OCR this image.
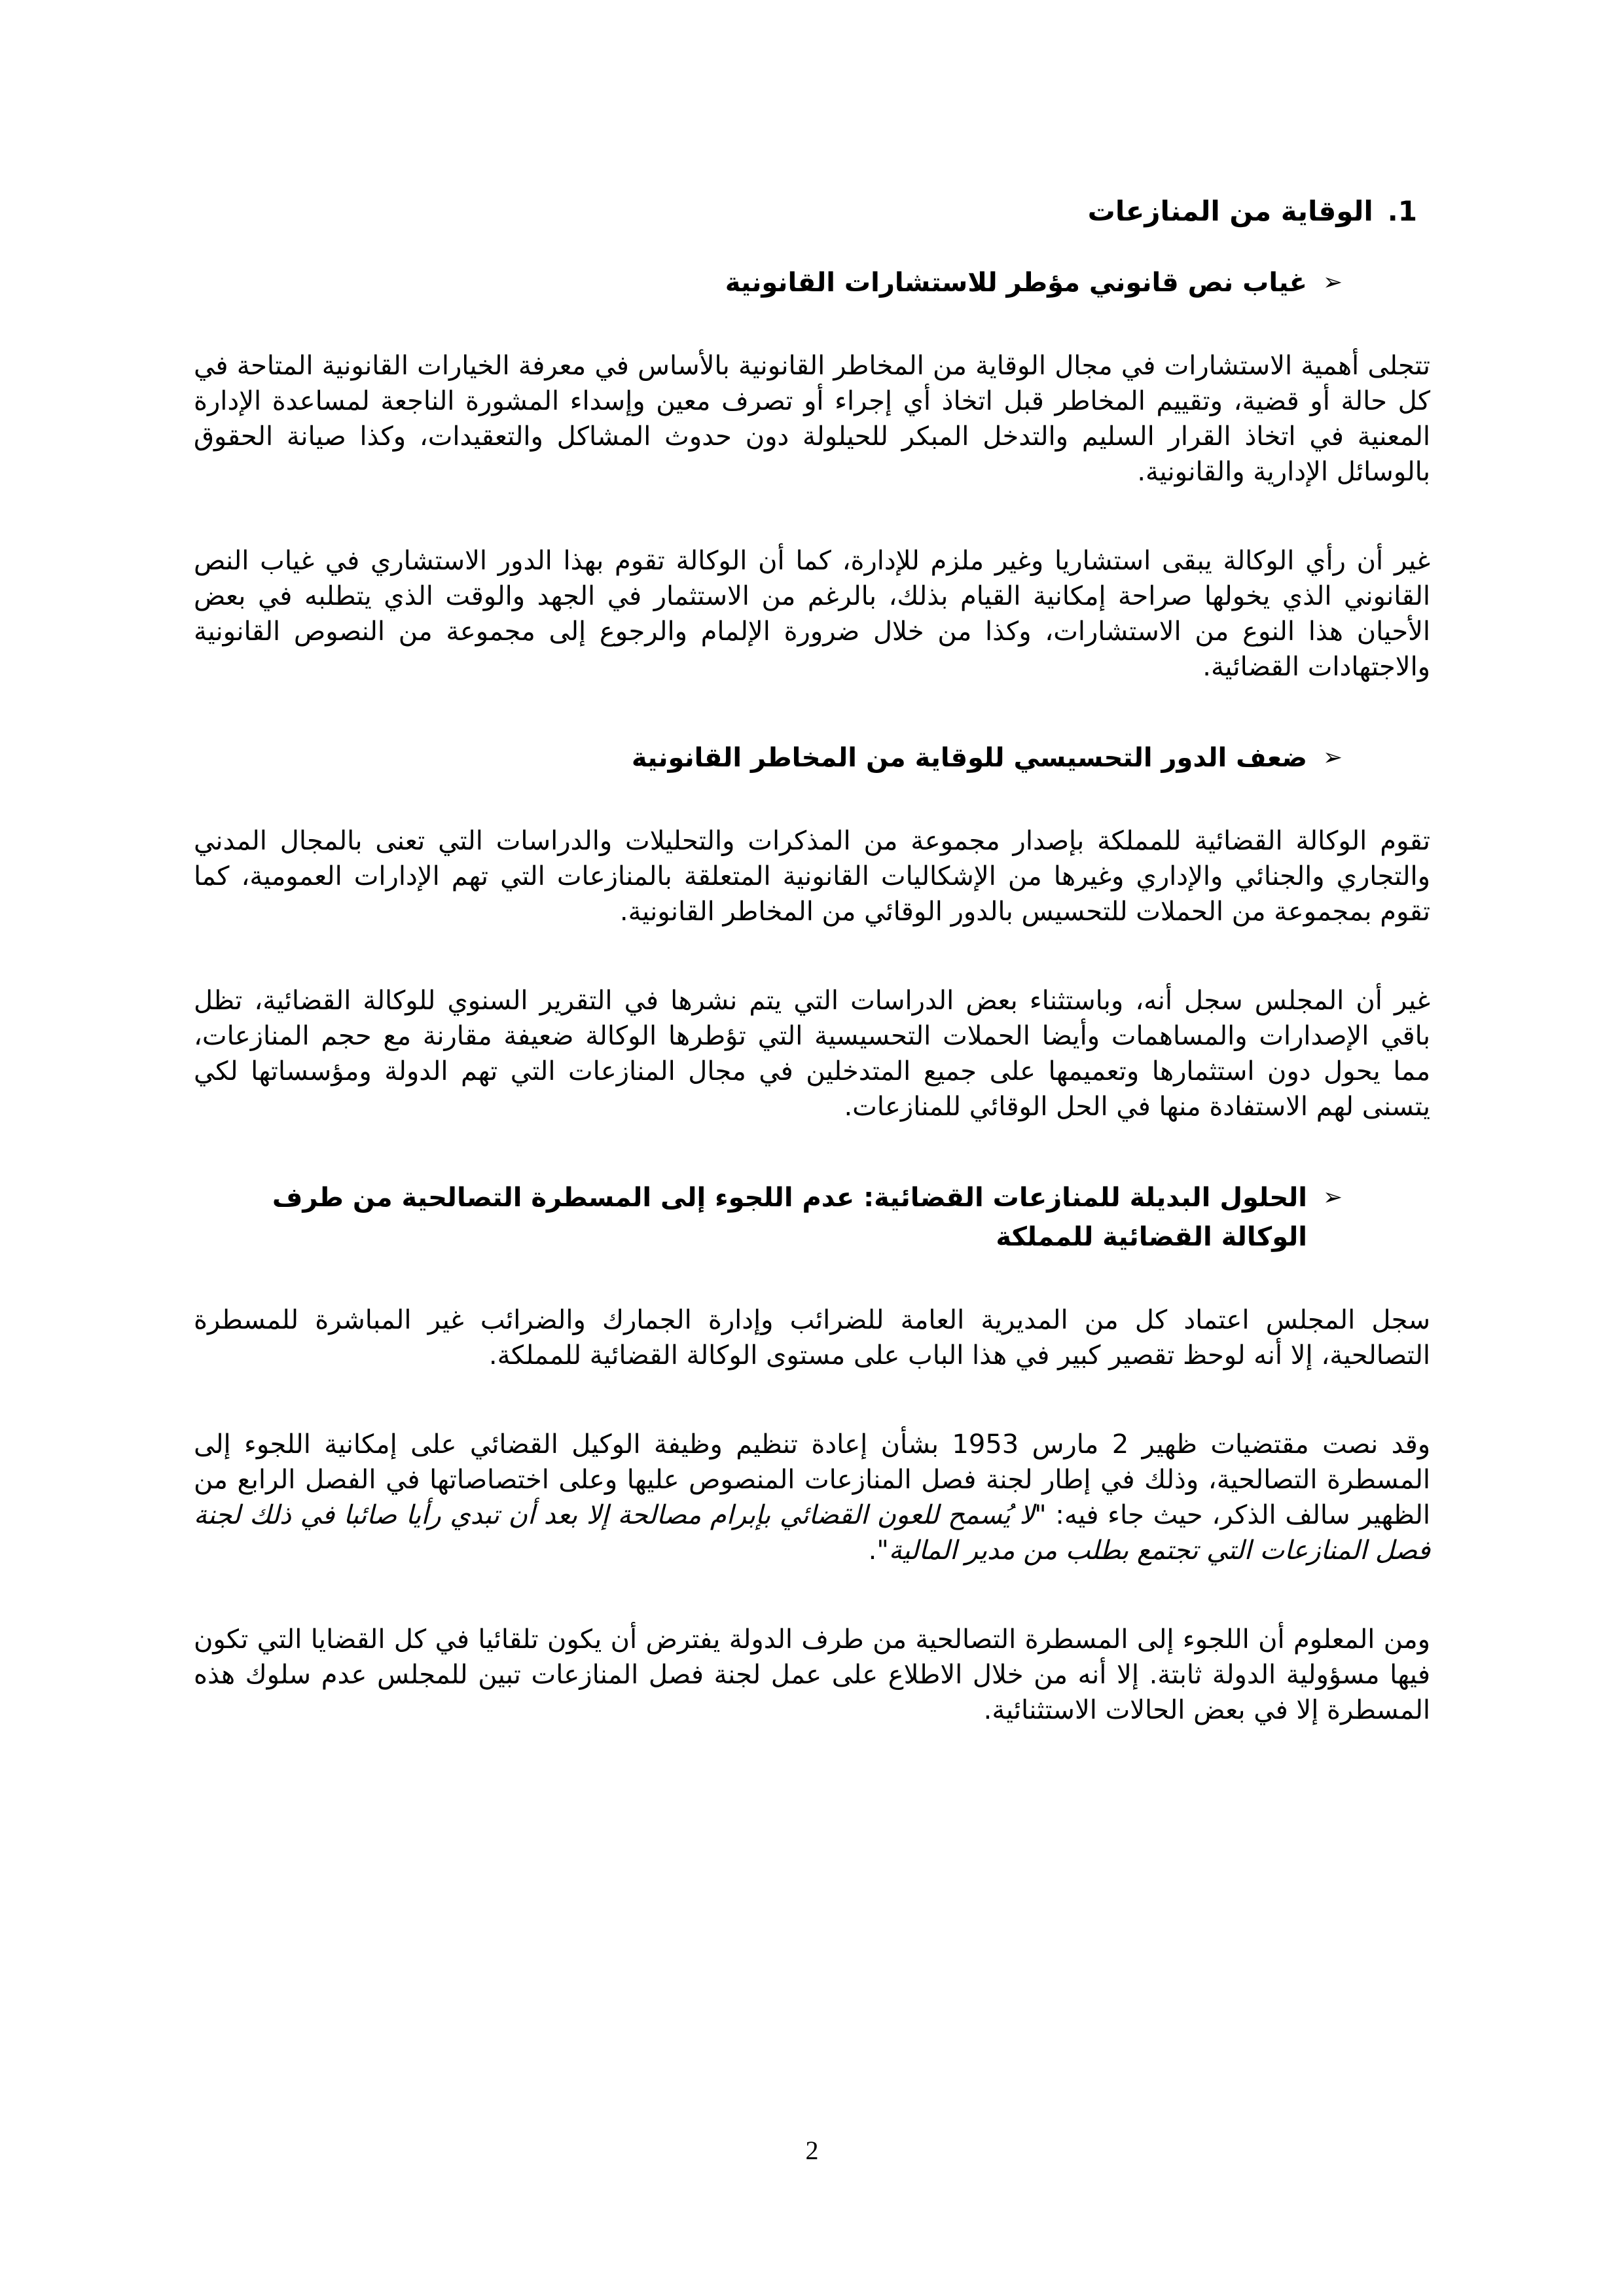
1.
الوقاية من المنازعات
➢
غياب نص قانوني مؤطر للاستشارات القانونية

تتجلى أهمية الاستشارات في مجال الوقاية من المخاطر القانونية بالأساس في معرفة الخيارات القانونية المتاحة في كل حالة أو قضية، وتقييم المخاطر قبل اتخاذ أي إجراء أو تصرف معين وإسداء المشورة الناجعة لمساعدة الإدارة المعنية في اتخاذ القرار السليم والتدخل المبكر للحيلولة دون حدوث المشاكل والتعقيدات، وكذا صيانة الحقوق بالوسائل الإدارية والقانونية.

غير أن رأي الوكالة يبقى استشاريا وغير ملزم للإدارة، كما أن الوكالة تقوم بهذا الدور الاستشاري في غياب النص القانوني الذي يخولها صراحة إمكانية القيام بذلك، بالرغم من الاستثمار في الجهد والوقت الذي يتطلبه في بعض الأحيان هذا النوع من الاستشارات، وكذا من خلال ضرورة الإلمام والرجوع إلى مجموعة من النصوص القانونية والاجتهادات القضائية.

➢
ضعف الدور التحسيسي للوقاية من المخاطر القانونية

تقوم الوكالة القضائية للمملكة بإصدار مجموعة من المذكرات والتحليلات والدراسات التي تعنى بالمجال المدني والتجاري والجنائي والإداري وغيرها من الإشكاليات القانونية المتعلقة بالمنازعات التي تهم الإدارات العمومية، كما تقوم بمجموعة من الحملات للتحسيس بالدور الوقائي من المخاطر القانونية.

غير أن المجلس سجل أنه، وباستثناء بعض الدراسات التي يتم نشرها في التقرير السنوي للوكالة القضائية، تظل باقي الإصدارات والمساهمات وأيضا الحملات التحسيسية التي تؤطرها الوكالة ضعيفة مقارنة مع حجم المنازعات، مما يحول دون استثمارها وتعميمها على جميع المتدخلين في مجال المنازعات التي تهم الدولة ومؤسساتها لكي يتسنى لهم الاستفادة منها في الحل الوقائي للمنازعات.

➢
الحلول البديلة للمنازعات القضائية: عدم اللجوء إلى المسطرة التصالحية من طرف الوكالة القضائية للمملكة

سجل المجلس اعتماد كل من المديرية العامة للضرائب وإدارة الجمارك والضرائب غير المباشرة للمسطرة التصالحية، إلا أنه لوحظ تقصير كبير في هذا الباب على مستوى الوكالة القضائية للمملكة.

وقد نصت مقتضيات ظهير 2 مارس 1953 بشأن إعادة تنظيم وظيفة الوكيل القضائي على إمكانية اللجوء إلى المسطرة التصالحية، وذلك في إطار لجنة فصل المنازعات المنصوص عليها وعلى اختصاصاتها في الفصل الرابع من الظهير سالف الذكر، حيث جاء فيه: "لا يُسمح للعون القضائي بإبرام مصالحة إلا بعد أن تبدي رأيا صائبا في ذلك لجنة فصل المنازعات التي تجتمع بطلب من مدير المالية".

ومن المعلوم أن اللجوء إلى المسطرة التصالحية من طرف الدولة يفترض أن يكون تلقائيا في كل القضايا التي تكون فيها مسؤولية الدولة ثابتة. إلا أنه من خلال الاطلاع على عمل لجنة فصل المنازعات تبين للمجلس عدم سلوك هذه المسطرة إلا في بعض الحالات الاستثنائية.

2
